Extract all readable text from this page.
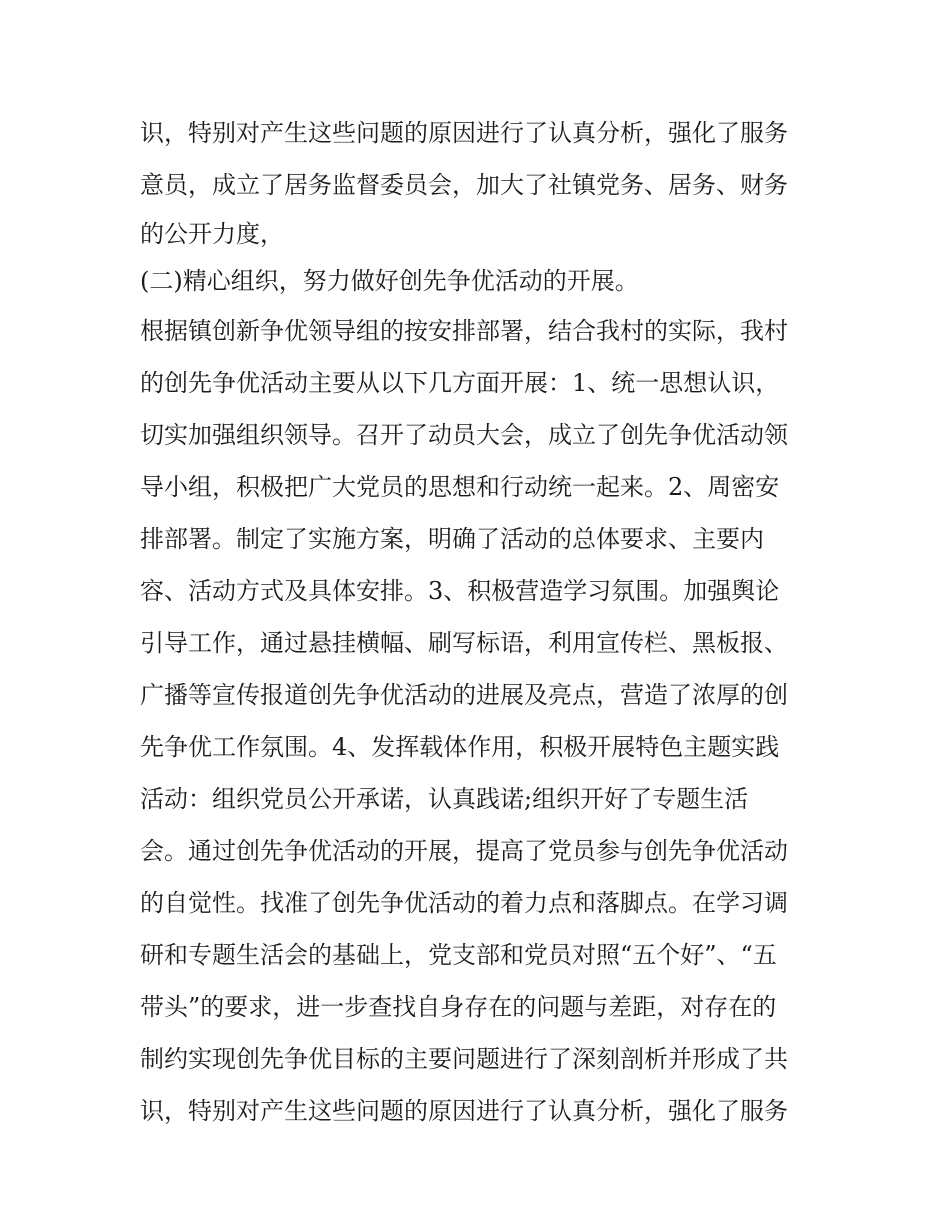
识，特别对产生这些问题的原因进行了认真分析，强化了服务
意员，成立了居务监督委员会，加大了社镇党务、居务、财务
的公开力度，
(二)精心组织，努力做好创先争优活动的开展。
根据镇创新争优领导组的按安排部署，结合我村的实际，我村
的创先争优活动主要从以下几方面开展：1、统一思想认识，
切实加强组织领导。召开了动员大会，成立了创先争优活动领
导小组，积极把广大党员的思想和行动统一起来。2、周密安
排部署。制定了实施方案，明确了活动的总体要求、主要内
容、活动方式及具体安排。3、积极营造学习氛围。加强舆论
引导工作，通过悬挂横幅、刷写标语，利用宣传栏、黑板报、
广播等宣传报道创先争优活动的进展及亮点，营造了浓厚的创
先争优工作氛围。4、发挥载体作用，积极开展特色主题实践
活动：组织党员公开承诺，认真践诺;组织开好了专题生活
会。通过创先争优活动的开展，提高了党员参与创先争优活动
的自觉性。找准了创先争优活动的着力点和落脚点。在学习调
研和专题生活会的基础上，党支部和党员对照“五个好”、“五
带头”的要求，进一步查找自身存在的问题与差距，对存在的
制约实现创先争优目标的主要问题进行了深刻剖析并形成了共
识，特别对产生这些问题的原因进行了认真分析，强化了服务
